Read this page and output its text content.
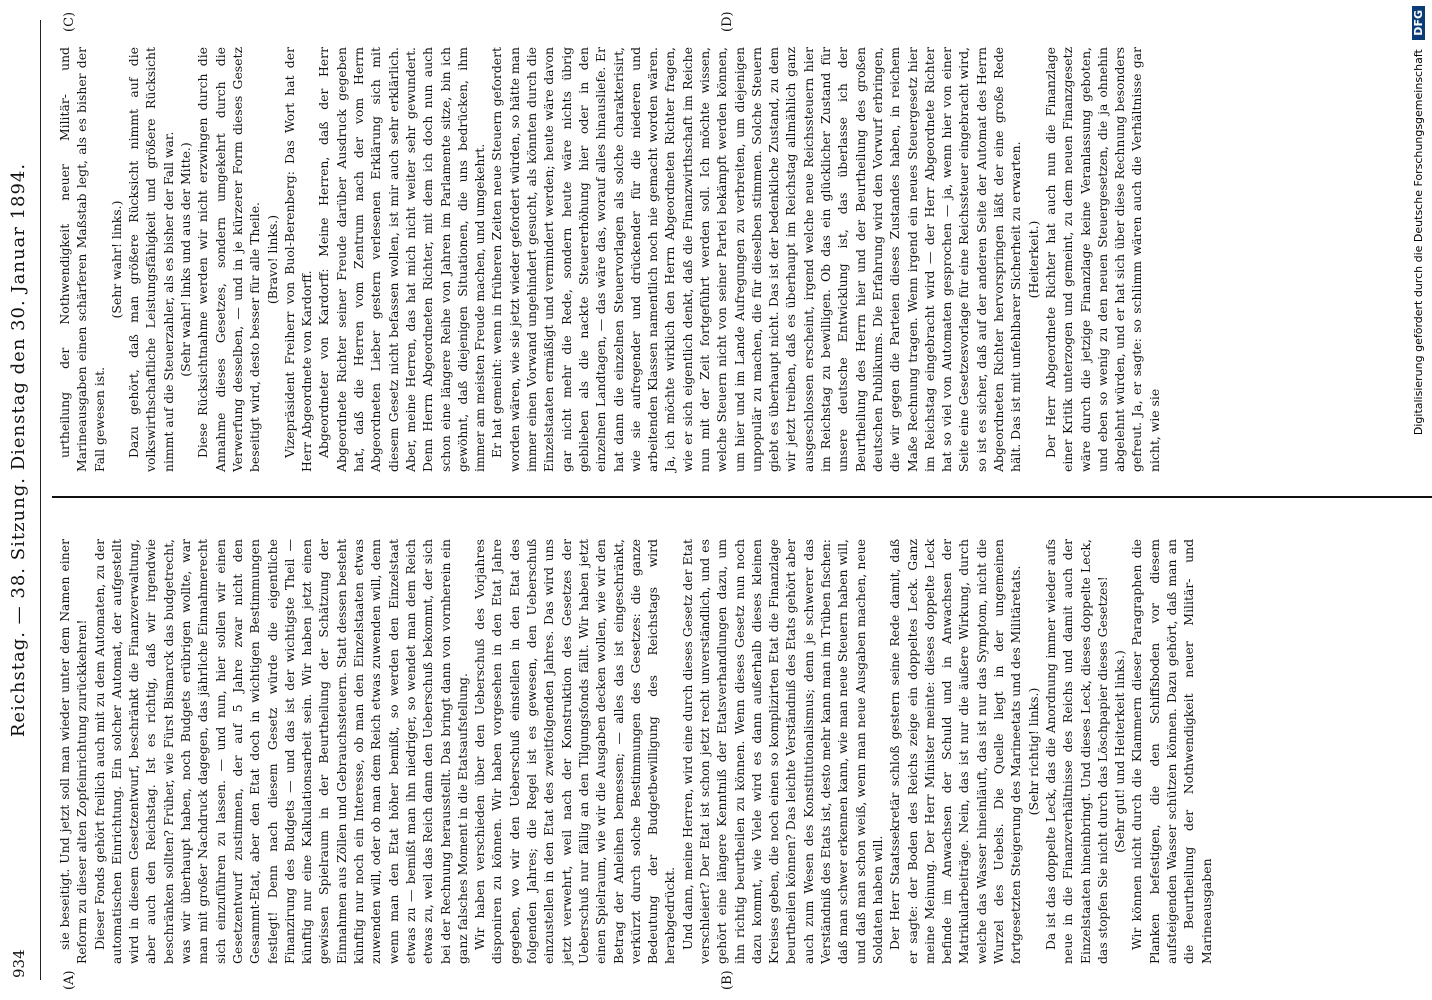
934
Reichstag. — 38. Sitzung. Dienstag den 30. Januar 1894.
(A)	(B)
(C)	(D)

sie beseitigt. Und jetzt soll man wieder unter dem Namen einer Reform zu dieser alten Zopfeinrichtung zurückkehren! Dieser Fonds gehört freilich auch mit zu dem Automaten, zu der automatischen Einrichtung. Ein solcher Automat, der aufgestellt wird in diesem Gesetzentwurf, beschränkt die Finanzverwaltung, aber auch den Reichstag. Ist es richtig, daß wir irgendwie beschränken sollten? Früher, wie Fürst Bismarck das budgetrecht, was wir überhaupt haben, noch Budgets erübrigen wollte, war man mit großer Nachdruck dagegen, das jährliche Einnahmerecht sich einzuführen zu lassen. — und nun, hier sollen wir einen Gesetzentwurf zustimmen, der auf 5 Jahre zwar nicht den Gesammt-Etat, aber den Etat doch in wichtigen Bestimmungen festlegt! Denn nach diesem Gesetz würde die eigentliche Finanzirung des Budgets — und das ist der wichtigste Theil — künftig nur eine Kalkulationsarbeit sein. Wir haben jetzt einen gewissen Spielraum in der Beurtheilung der Schätzung der Einnahmen aus Zöllen und Gebrauchssteuern. Statt dessen besteht künftig nur noch ein Interesse, ob man den Einzelstaaten etwas zuwenden will, oder ob man dem Reich etwas zuwenden will, denn wenn man den Etat höher bemißt, so werden den Einzelstaat etwas zu — bemißt man ihn niedriger, so wendet man dem Reich etwas zu, weil das Reich dann den Ueberschuß bekommt, der sich bei der Rechnung herausstellt. Das bringt dann von vornherein ein ganz falsches Moment in die Etatsaufstellung. Wir haben verschieden über den Ueberschuß des Vorjahres disponiren zu können. Wir haben vorgesehen in den Etat Jahre gegeben, wo wir den Ueberschuß einstellen in den Etat des folgenden Jahres; die Regel ist es gewesen, den Ueberschuß einzustellen in den Etat des zweitfolgenden Jahres. Das wird uns jetzt verwehrt, weil nach der Konstruktion des Gesetzes der Ueberschuß nur fällig an den Tilgungsfonds fällt. Wir haben jetzt einen Spielraum, wie wir die Ausgaben decken wollen, wie wir den Betrag der Anleihen bemessen; — alles das ist eingeschränkt, verkürzt durch solche Bestimmungen des Gesetzes: die ganze Bedeutung der Budgetbewilligung des Reichstags wird herabgedrückt. Und dann, meine Herren, wird eine durch dieses Gesetz der Etat verschleiert? Der Etat ist schon jetzt recht unverständlich, und es gehört eine längere Kenntniß der Etatsverhandlungen dazu, um ihn richtig beurtheilen zu können. Wenn dieses Gesetz nun noch dazu kommt, wie Viele wird es dann außerhalb dieses kleinen Kreises geben, die noch einen so komplizirten Etat die Finanzlage beurtheilen können? Das leichte Verständniß des Etats gehört aber auch zum Wesen des Konstitutionalismus; denn je schwerer das Verständniß des Etats ist, desto mehr kann man im Trüben fischen: daß man schwer erkennen kann, wie man neue Steuern haben will, und daß man schon weiß, wenn man neue Ausgaben machen, neue Soldaten haben will. Der Herr Staatssekretär schloß gestern seine Rede damit, daß er sagte: der Boden des Reichs zeige ein doppeltes Leck. Ganz meine Meinung. Der Herr Minister meinte: dieses doppelte Leck befinde im Anwachsen der Schuld und in Anwachsen der Matrikularbeiträge. Nein, das ist nur die äußere Wirkung, durch welche das Wasser hineinläuft, das ist nur das Symptom, nicht die Wurzel des Uebels. Die Quelle liegt in der ungemeinen fortgesetzten Steigerung des Marineetats und des Militäretats. (Sehr richtig! links.) Da ist das doppelte Leck, das die Anordnung immer wieder aufs neue in die Finanzverhältnisse des Reichs und damit auch der Einzelstaaten hineinbringt. Und dieses Leck, dieses doppelte Leck, das stopfen Sie nicht durch das Löschpapier dieses Gesetzes! (Sehr gut! und Heiterkeit links.) Wir können nicht durch die Klammern dieser Paragraphen die Planken befestigen, die den Schiffsboden vor diesem aufsteigenden Wasser schützen können. Dazu gehört, daß man an die Beurtheilung der Nothwendigkeit neuer Militär- und Marineausgaben

urtheilung der Nothwendigkeit neuer Militär- und Marineausgaben einen schärferen Maßstab legt, als es bisher der Fall gewesen ist.

(Sehr wahr! links.) Dazu gehört, daß man größere Rücksicht nimmt auf die volkswirthschaftliche Leistungsfähigkeit und größere Rücksicht nimmt auf die Steuerzahler, als es bisher der Fall war. (Sehr wahr! links und aus der Mitte.) Diese Rücksichtnahme werden wir nicht erzwingen durch die Annahme dieses Gesetzes, sondern umgekehrt durch die Verwerfung desselben, — und in je kürzerer Form dieses Gesetz beseitigt wird, desto besser für alle Theile. (Bravo! links.) Vizepräsident Freiherr von Buol-Berenberg: Das Wort hat der Herr Abgeordnete von Kardorff. Abgeordneter von Kardorff: Meine Herren, daß der Herr Abgeordnete Richter seiner Freude darüber Ausdruck gegeben hat, daß die Herren vom Zentrum nach der vom Herrn Abgeordneten Lieber gestern verlesenen Erklärung sich mit diesem Gesetz nicht befassen wollen, ist mir auch sehr erklärlich. Aber, meine Herren, das hat mich nicht weiter sehr gewundert. Denn Herrn Abgeordneten Richter, mit dem ich doch nun auch schon eine längere Reihe von Jahren im Parlamente sitze, bin ich gewöhnt, daß diejenigen Situationen, die uns bedrücken, ihm immer am meisten Freude machen, und umgekehrt. Er hat gemeint: wenn in früheren Zeiten neue Steuern gefordert worden wären, wie sie jetzt wieder gefordert würden, so hätte man immer einen Vorwand ungehindert gesucht, als könnten durch die Einzelstaaten ermäßigt und vermindert werden; heute wäre davon gar nicht mehr die Rede, sondern heute wäre nichts übrig geblieben als die nackte Steuererhöhung hier oder in den einzelnen Landtagen, — das wäre das, worauf alles hinausliefe. Er hat dann die einzelnen Steuervorlagen als solche charakterisirt, wie sie aufregender und drückender für die niederen und arbeitenden Klassen namentlich noch nie gemacht worden wären. Ja, ich möchte wirklich den Herrn Abgeordneten Richter fragen, wie er sich eigentlich denkt, daß die Finanzwirthschaft im Reiche nun mit der Zeit fortgeführt werden soll. Ich möchte wissen, welche Steuern nicht von seiner Partei bekämpft werden können, um hier und im Lande Aufregungen zu verbreiten, um diejenigen unpopulär zu machen, die für dieselben stimmen. Solche Steuern giebt es überhaupt nicht. Das ist der bedenkliche Zustand, zu dem wir jetzt treiben, daß es überhaupt im Reichstag allmählich ganz ausgeschlossen erscheint, irgend welche neue Reichssteuern hier im Reichstag zu bewilligen. Ob das ein glücklicher Zustand für unsere deutsche Entwicklung ist, das überlasse ich der Beurtheilung des Herrn hier und der Beurtheilung des großen deutschen Publikums. Die Erfahrung wird den Vorwurf erbringen, die wir gegen die Parteien dieses Zustandes haben, in reichem Maße Rechnung tragen. Wenn irgend ein neues Steuergesetz hier im Reichstag eingebracht wird — der Herr Abgeordnete Richter hat so viel von Automaten gesprochen — ja, wenn hier von einer Seite eine Gesetzesvorlage für eine Reichssteuer eingebracht wird, so ist es sicher, daß auf der anderen Seite der Automat des Herrn Abgeordneten Richter hervorspringen läßt der eine große Rede hält. Das ist mit unfehlbarer Sicherheit zu erwarten. (Heiterkeit.) Der Herr Abgeordnete Richter hat auch nun die Finanzlage einer Kritik unterzogen und gemeint, zu dem neuen Finanzgesetz wäre durch die jetzige Finanzlage keine Veranlassung geboten, und eben so wenig zu den neuen Steuergesetzen, die ja ohnehin abgelehnt würden, und er hat sich über diese Rechnung besonders gefreut. Ja, er sagte: so schlimm wären auch die Verhältnisse gar nicht, wie sie	Digitalisierung gefördert durch die Deutsche Forschungsgemeinschaft DFG
